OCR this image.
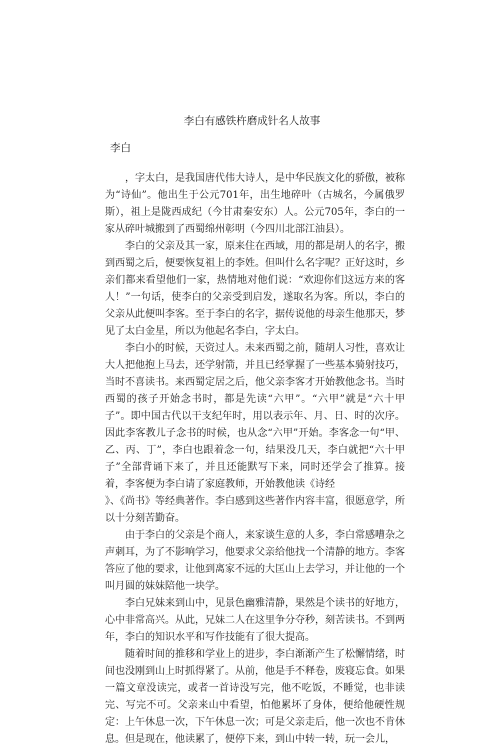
李白有感铁杵磨成针名人故事
李白

，字太白，是我国唐代伟大诗人，是中华民族文化的骄傲，被称为“诗仙”。他出生于公元701年，出生地碎叶（古城名，今属俄罗斯），祖上是陇西成纪（今甘肃秦安东）人。公元705年，李白的一家从碎叶城搬到了西蜀绵州彰明（今四川北部江油县）。

李白的父亲及其一家，原来住在西域，用的都是胡人的名字，搬到西蜀之后，便要恢复祖上的李姓。但叫什么名字呢？正好这时，乡亲们都来看望他们一家，热情地对他们说：“欢迎你们这远方来的客人！”一句话，使李白的父亲受到启发，遂取名为客。所以，李白的父亲从此便叫李客。至于李白的名字，据传说他的母亲生他那天，梦见了太白金星，所以为他起名李白，字太白。

李白小的时候，天资过人。未来西蜀之前，随胡人习性，喜欢让大人把他抱上马去，还学射箭，并且已经掌握了一些基本骑射技巧，当时不喜读书。来西蜀定居之后，他父亲李客才开始教他念书。当时西蜀的孩子开始念书时，都是先读“六甲”。“六甲”就是“六十甲子”。即中国古代以干支纪年时，用以表示年、月、日、时的次序。因此李客教儿子念书的时候，也从念“六甲”开始。李客念一句“甲、乙、丙、丁”，李白也跟着念一句，结果没几天，李白就把“六十甲子”全部背诵下来了，并且还能默写下来，同时还学会了推算。接着，李客便为李白请了家庭教师，开始教他读《诗经

》、《尚书》等经典著作。李白感到这些著作内容丰富，很愿意学，所以十分刻苦勤奋。

由于李白的父亲是个商人，来家谈生意的人多，李白常感嘈杂之声刺耳，为了不影响学习，他要求父亲给他找一个清静的地方。李客答应了他的要求，让他到离家不远的大匡山上去学习，并让他的一个叫月圆的妹妹陪他一块学。

李白兄妹来到山中，见景色幽雅清静，果然是个读书的好地方，心中非常高兴。从此，兄妹二人在这里争分夺秒，刻苦读书。不到两年，李白的知识水平和写作技能有了很大提高。

随着时间的推移和学业上的进步，李白渐渐产生了松懈情绪，时间也没刚到山上时抓得紧了。从前，他是手不释卷，废寝忘食。如果一篇文章没读完，或者一首诗没写完，他不吃饭，不睡觉，也非读完、写完不可。父亲来山中看望，怕他累坏了身体，便给他硬性规定：上午休息一次，下午休息一次；可是父亲走后，他一次也不肯休息。但是现在，他读累了，便停下来，到山中转一转，玩一会儿，
